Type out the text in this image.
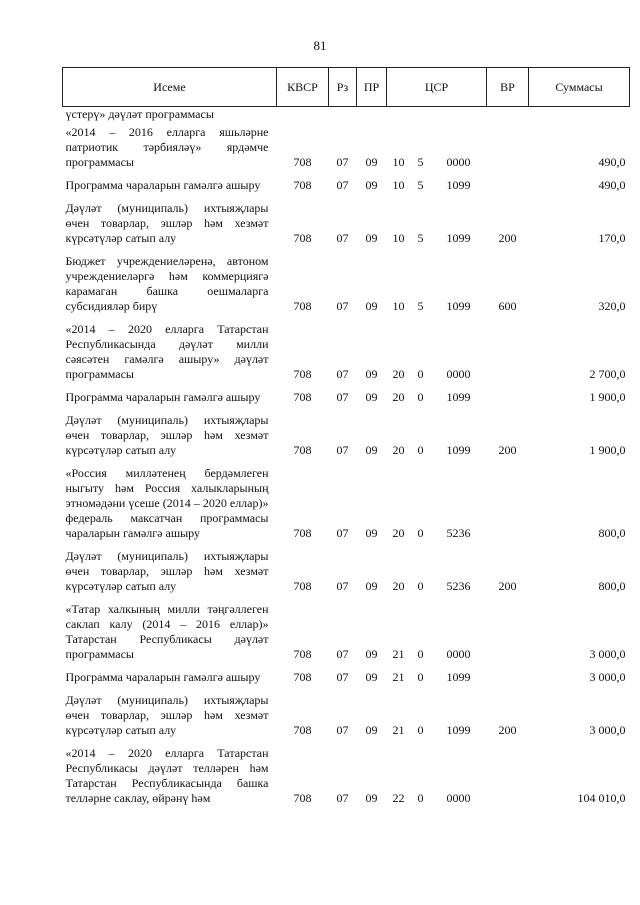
81
Исеме	КВСР	Рз	ПР	ЦСР			ВР	Суммасы
үстерү» дәүләт программасы								
«2014 – 2016 елларга яшьләрне патриотик тәрбияләү» ярдәмче программасы	708	07	09	10	5	0000		490,0
Программа чараларын гамәлгә ашыру	708	07	09	10	5	1099		490,0
Дәүләт (муниципаль) ихтыяҗлары өчен товарлар, эшләр һәм хезмәт күрсәтүләр сатып алу	708	07	09	10	5	1099	200	170,0
Бюджет учреждениеләренә, автоном учреждениеләргә һәм коммерциягә карамаган башка оешмаларга субсидияләр бирү	708	07	09	10	5	1099	600	320,0
«2014 – 2020 елларга Татарстан Республикасында дәүләт милли сәясәтен гамәлгә ашыру» дәүләт программасы	708	07	09	20	0	0000		2 700,0
Программа чараларын гамәлгә ашыру	708	07	09	20	0	1099		1 900,0
Дәүләт (муниципаль) ихтыяҗлары өчен товарлар, эшләр һәм хезмәт күрсәтүләр сатып алу	708	07	09	20	0	1099	200	1 900,0
«Россия милләтенең бердәмлеген ныгыту һәм Россия халыкларының этномәдәни үсеше (2014 – 2020 еллар)» федераль максатчан программасы чараларын гамәлгә ашыру	708	07	09	20	0	5236		800,0
Дәүләт (муниципаль) ихтыяҗлары өчен товарлар, эшләр һәм хезмәт күрсәтүләр сатып алу	708	07	09	20	0	5236	200	800,0
«Татар халкының милли тәңгәллеген саклап калу (2014 – 2016 еллар)» Татарстан Республикасы дәүләт программасы	708	07	09	21	0	0000		3 000,0
Программа чараларын гамәлгә ашыру	708	07	09	21	0	1099		3 000,0
Дәүләт (муниципаль) ихтыяҗлары өчен товарлар, эшләр һәм хезмәт күрсәтүләр сатып алу	708	07	09	21	0	1099	200	3 000,0
«2014 – 2020 елларга Татарстан Республикасы дәүләт телләрен һәм Татарстан Республикасында башка телләрне саклау, өйрәнү һәм	708	07	09	22	0	0000		104 010,0
